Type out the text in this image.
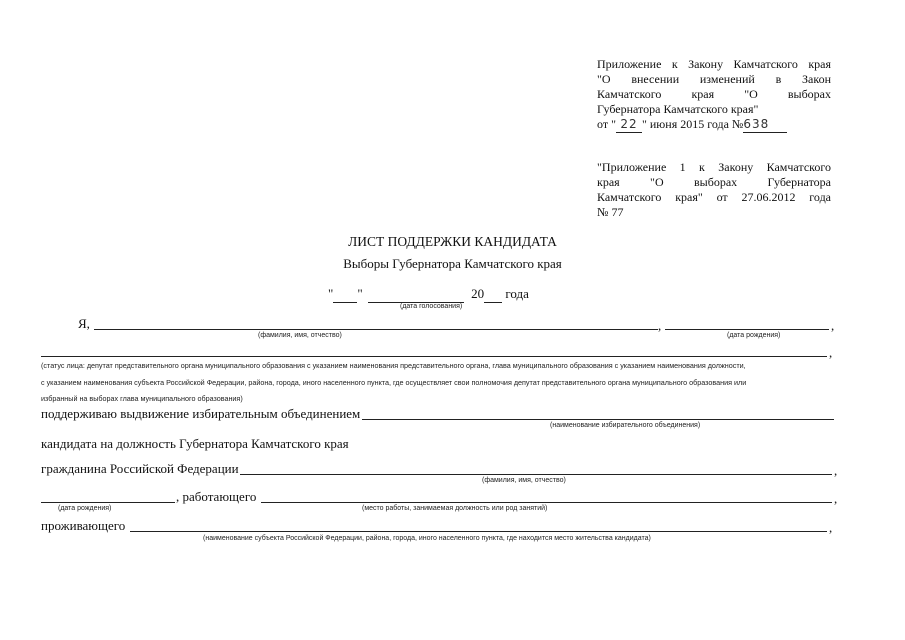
Приложение к Закону Камчатского края
"О внесении изменений в Закон
Камчатского края "О выборах
Губернатора Камчатского края"
от " 22 " июня 2015 года №638
"Приложение 1 к Закону Камчатского
края "О выборах Губернатора
Камчатского края" от 27.06.2012 года
№ 77
ЛИСТ ПОДДЕРЖКИ КАНДИДАТА
Выборы Губернатора Камчатского края
" "	20 года
(дата голосования)
Я,	,	,
(фамилия, имя, отчество)	(дата рождения)
,
(статус лица: депутат представительного органа муниципального образования с указанием наименования представительного органа, глава муниципального образования с указанием наименования должности,
с указанием наименования субъекта Российской Федерации, района, города, иного населенного пункта, где осуществляет свои полномочия депутат представительного органа муниципального образования или
избранный на выборах глава муниципального образования)
поддерживаю выдвижение избирательным объединением
(наименование избирательного объединения)
кандидата на должность Губернатора Камчатского края
гражданина Российской Федерации	,
(фамилия, имя, отчество)
, работающего	,
(дата рождения)	(место работы, занимаемая должность или род занятий)
проживающего	,
(наименование субъекта Российской Федерации, района, города, иного населенного пункта, где находится место жительства кандидата)
